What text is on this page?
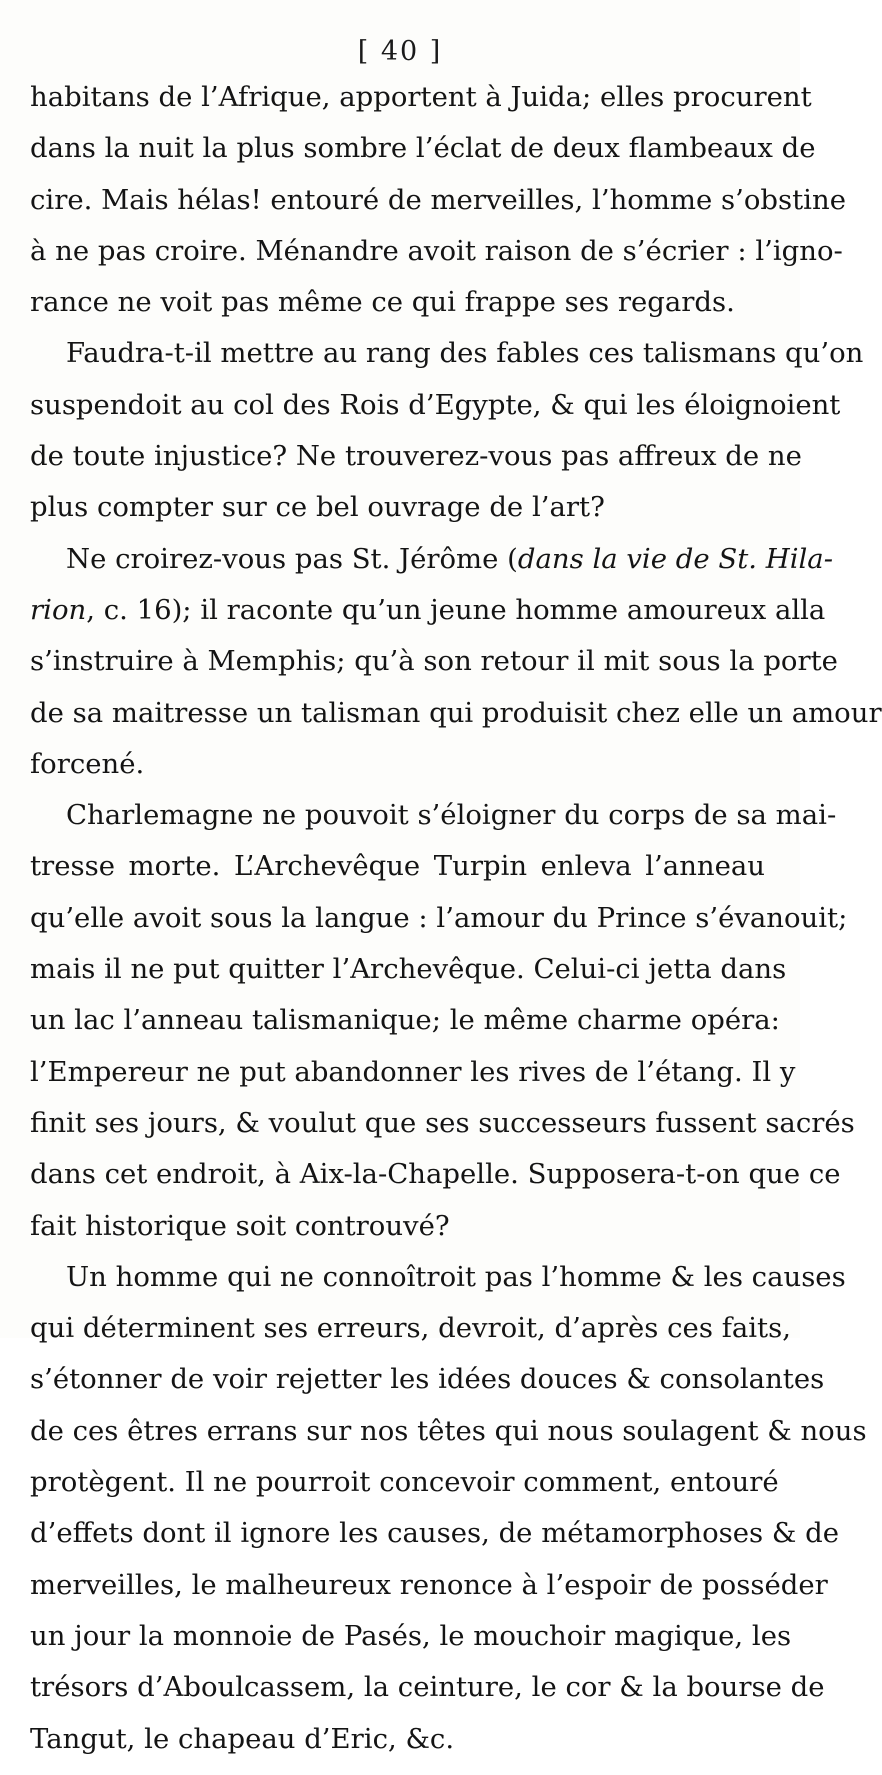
[ 40 ]
habitans de l’Afrique, apportent à Juida; elles procurent
dans la nuit la plus sombre l’éclat de deux flambeaux de
cire. Mais hélas! entouré de merveilles, l’homme s’obstine
à ne pas croire. Ménandre avoit raison de s’écrier : l’igno-
rance ne voit pas même ce qui frappe ses regards.
Faudra-t-il mettre au rang des fables ces talismans qu’on
suspendoit au col des Rois d’Egypte, & qui les éloignoient
de toute injustice? Ne trouverez-vous pas affreux de ne
plus compter sur ce bel ouvrage de l’art?
Ne croirez-vous pas St. Jérôme (dans la vie de St. Hila-
rion, c. 16); il raconte qu’un jeune homme amoureux alla
s’instruire à Memphis; qu’à son retour il mit sous la porte
de sa maitresse un talisman qui produisit chez elle un amour
forcené.
Charlemagne ne pouvoit s’éloigner du corps de sa mai-
tresse morte. L’Archevêque Turpin enleva l’anneau
qu’elle avoit sous la langue : l’amour du Prince s’évanouit;
mais il ne put quitter l’Archevêque. Celui-ci jetta dans
un lac l’anneau talismanique; le même charme opéra:
l’Empereur ne put abandonner les rives de l’étang. Il y
finit ses jours, & voulut que ses successeurs fussent sacrés
dans cet endroit, à Aix-la-Chapelle. Supposera-t-on que ce
fait historique soit controuvé?
Un homme qui ne connoîtroit pas l’homme & les causes
qui déterminent ses erreurs, devroit, d’après ces faits,
s’étonner de voir rejetter les idées douces & consolantes
de ces êtres errans sur nos têtes qui nous soulagent & nous
protègent. Il ne pourroit concevoir comment, entouré
d’effets dont il ignore les causes, de métamorphoses & de
merveilles, le malheureux renonce à l’espoir de posséder
un jour la monnoie de Pasés, le mouchoir magique, les
trésors d’Aboulcassem, la ceinture, le cor & la bourse de
Tangut, le chapeau d’Eric, &c.
